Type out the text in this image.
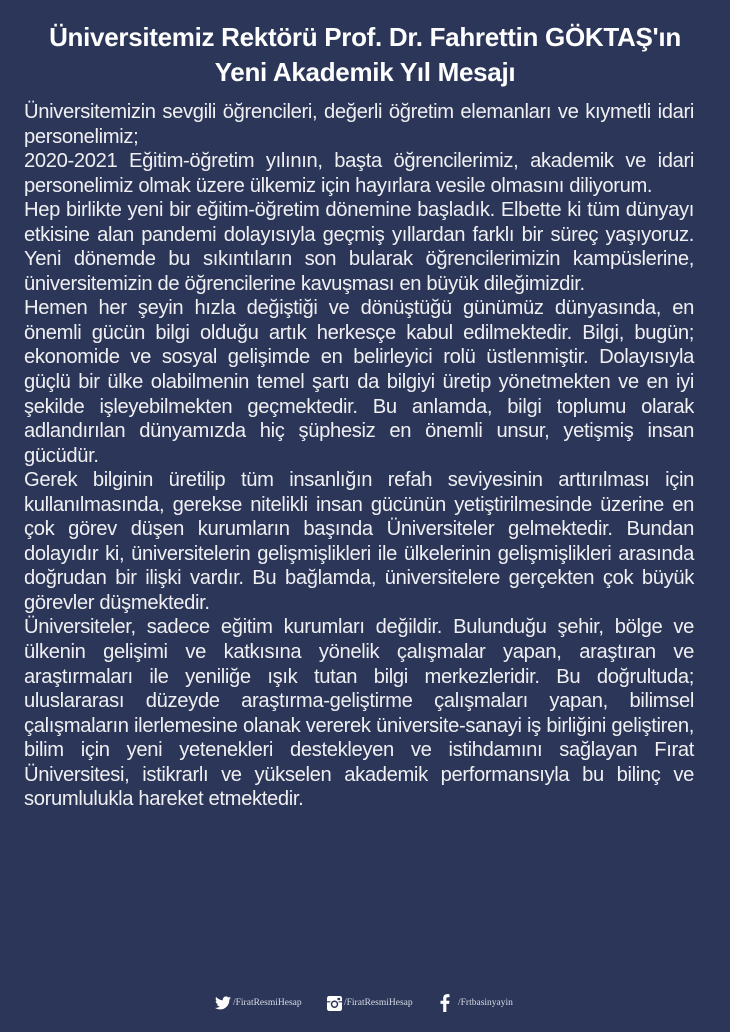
Üniversitemiz Rektörü Prof. Dr. Fahrettin GÖKTAŞ'ın
Yeni Akademik Yıl Mesajı

Üniversitemizin sevgili öğrencileri, değerli öğretim elemanları ve kıymetli idari personelimiz;

2020-2021 Eğitim-öğretim yılının, başta öğrencilerimiz, akademik ve idari personelimiz olmak üzere ülkemiz için hayırlara vesile olmasını diliyorum.

Hep birlikte yeni bir eğitim-öğretim dönemine başladık. Elbette ki tüm dünyayı etkisine alan pandemi dolayısıyla geçmiş yıllardan farklı bir süreç yaşıyoruz. Yeni dönemde bu sıkıntıların son bularak öğrencilerimizin kampüslerine, üniversitemizin de öğrencilerine kavuşması en büyük dileğimizdir.

Hemen her şeyin hızla değiştiği ve dönüştüğü günümüz dünyasında, en önemli gücün bilgi olduğu artık herkesçe kabul edilmektedir. Bilgi, bugün; ekonomide ve sosyal gelişimde en belirleyici rolü üstlenmiştir. Dolayısıyla güçlü bir ülke olabilmenin temel şartı da bilgiyi üretip yönetmekten ve en iyi şekilde işleyebilmekten geçmektedir. Bu anlamda, bilgi toplumu olarak adlandırılan dünyamızda hiç şüphesiz en önemli unsur, yetişmiş insan gücüdür.

Gerek bilginin üretilip tüm insanlığın refah seviyesinin arttırılması için kullanılmasında, gerekse nitelikli insan gücünün yetiştirilmesinde üzerine en çok görev düşen kurumların başında Üniversiteler gelmektedir. Bundan dolayıdır ki, üniversitelerin gelişmişlikleri ile ülkelerinin gelişmişlikleri arasında doğrudan bir ilişki vardır. Bu bağlamda, üniversitelere gerçekten çok büyük görevler düşmektedir.

Üniversiteler, sadece eğitim kurumları değildir. Bulunduğu şehir, bölge ve ülkenin gelişimi ve katkısına yönelik çalışmalar yapan, araştıran ve araştırmaları ile yeniliğe ışık tutan bilgi merkezleridir. Bu doğrultuda; uluslararası düzeyde araştırma-geliştirme çalışmaları yapan, bilimsel çalışmaların ilerlemesine olanak vererek üniversite-sanayi iş birliğini geliştiren, bilim için yeni yetenekleri destekleyen ve istihdamını sağlayan Fırat Üniversitesi, istikrarlı ve yükselen akademik performansıyla bu bilinç ve sorumlulukla hareket etmektedir.

/FiratResmiHesap	/FiratResmiHesap	/Frtbasinyayin
